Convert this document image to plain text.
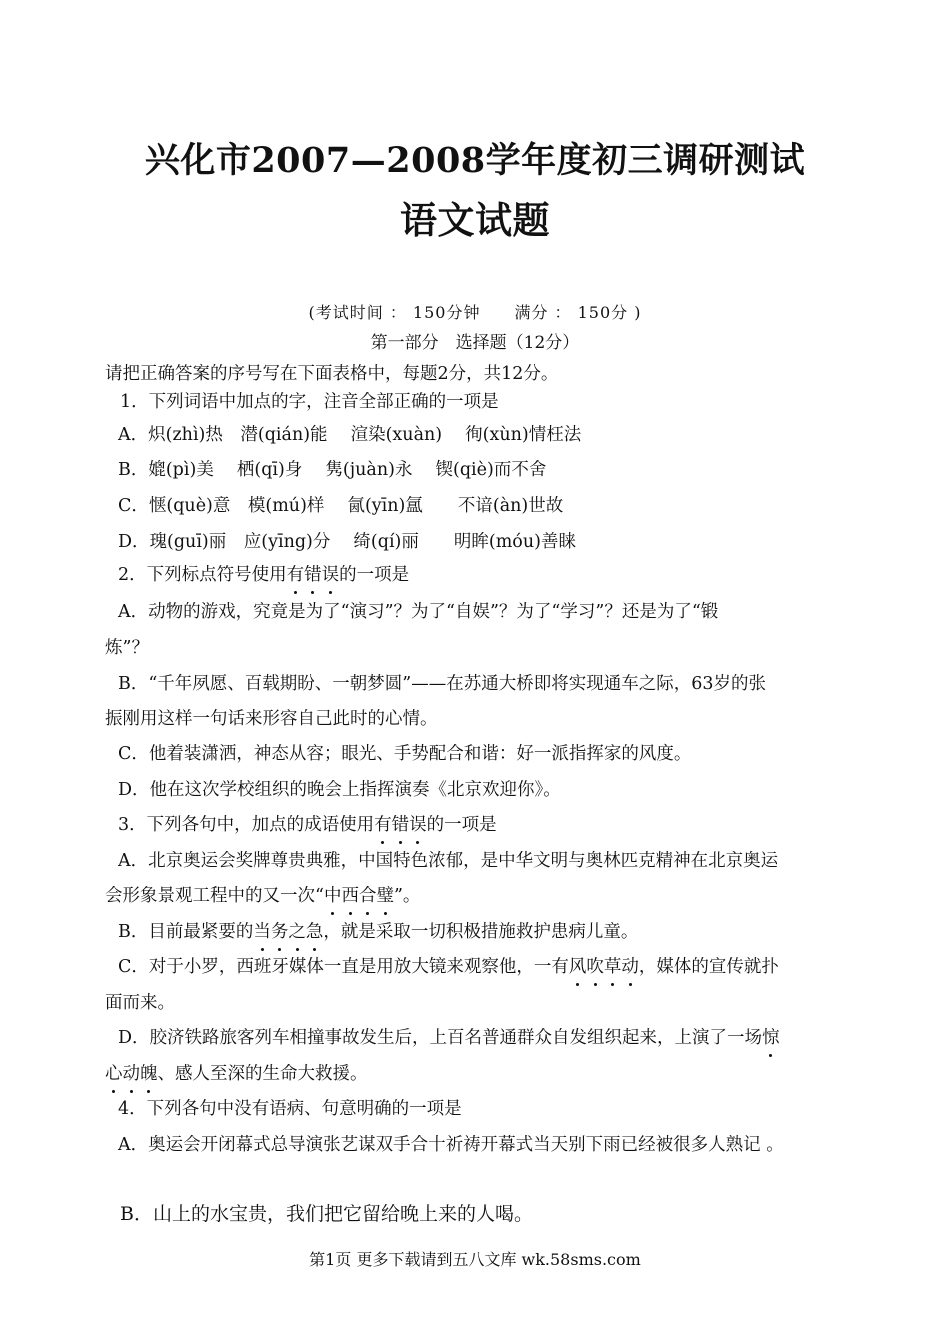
兴化市2007—2008学年度初三调研测试
语文试题
(考试时间 ： 150分钟　　满分 ： 150分 )
第一部分　选择题（12分）
请把正确答案的序号写在下面表格中，每题2分，共12分。
1．下列词语中加点的字，注音全部正确的一项是
A．炽(zhì)热　潜(qián)能　 渲染(xuàn)　 徇(xùn)情枉法
B．媲(pì)美　 栖(qī)身　 隽(juàn)永　 锲(qiè)而不舍
C．惬(què)意　模(mú)样　 氤(yīn)氲　　不谙(àn)世故
D．瑰(guī)丽　应(yīng)分　 绮(qí)丽　　明眸(móu)善睐
2．下列标点符号使用有错误的一项是
A．动物的游戏，究竟是为了“演习”？为了“自娱”？为了“学习”？还是为了“锻
炼”？
B．“千年夙愿、百载期盼、一朝梦圆”——在苏通大桥即将实现通车之际，63岁的张
振刚用这样一句话来形容自己此时的心情。
C．他着装潇洒，神态从容；眼光、手势配合和谐：好一派指挥家的风度。
D．他在这次学校组织的晚会上指挥演奏《北京欢迎你》。
3．下列各句中，加点的成语使用有错误的一项是
A．北京奥运会奖牌尊贵典雅，中国特色浓郁，是中华文明与奥林匹克精神在北京奥运
会形象景观工程中的又一次“中西合璧”。
B．目前最紧要的当务之急，就是采取一切积极措施救护患病儿童。
C．对于小罗，西班牙媒体一直是用放大镜来观察他，一有风吹草动，媒体的宣传就扑
面而来。
D．胶济铁路旅客列车相撞事故发生后，上百名普通群众自发组织起来，上演了一场惊
心动魄、感人至深的生命大救援。
4．下列各句中没有语病、句意明确的一项是
A．奥运会开闭幕式总导演张艺谋双手合十祈祷开幕式当天别下雨已经被很多人熟记 。
B．山上的水宝贵，我们把它留给晚上来的人喝。
第1页 更多下载请到五八文库 wk.58sms.com
